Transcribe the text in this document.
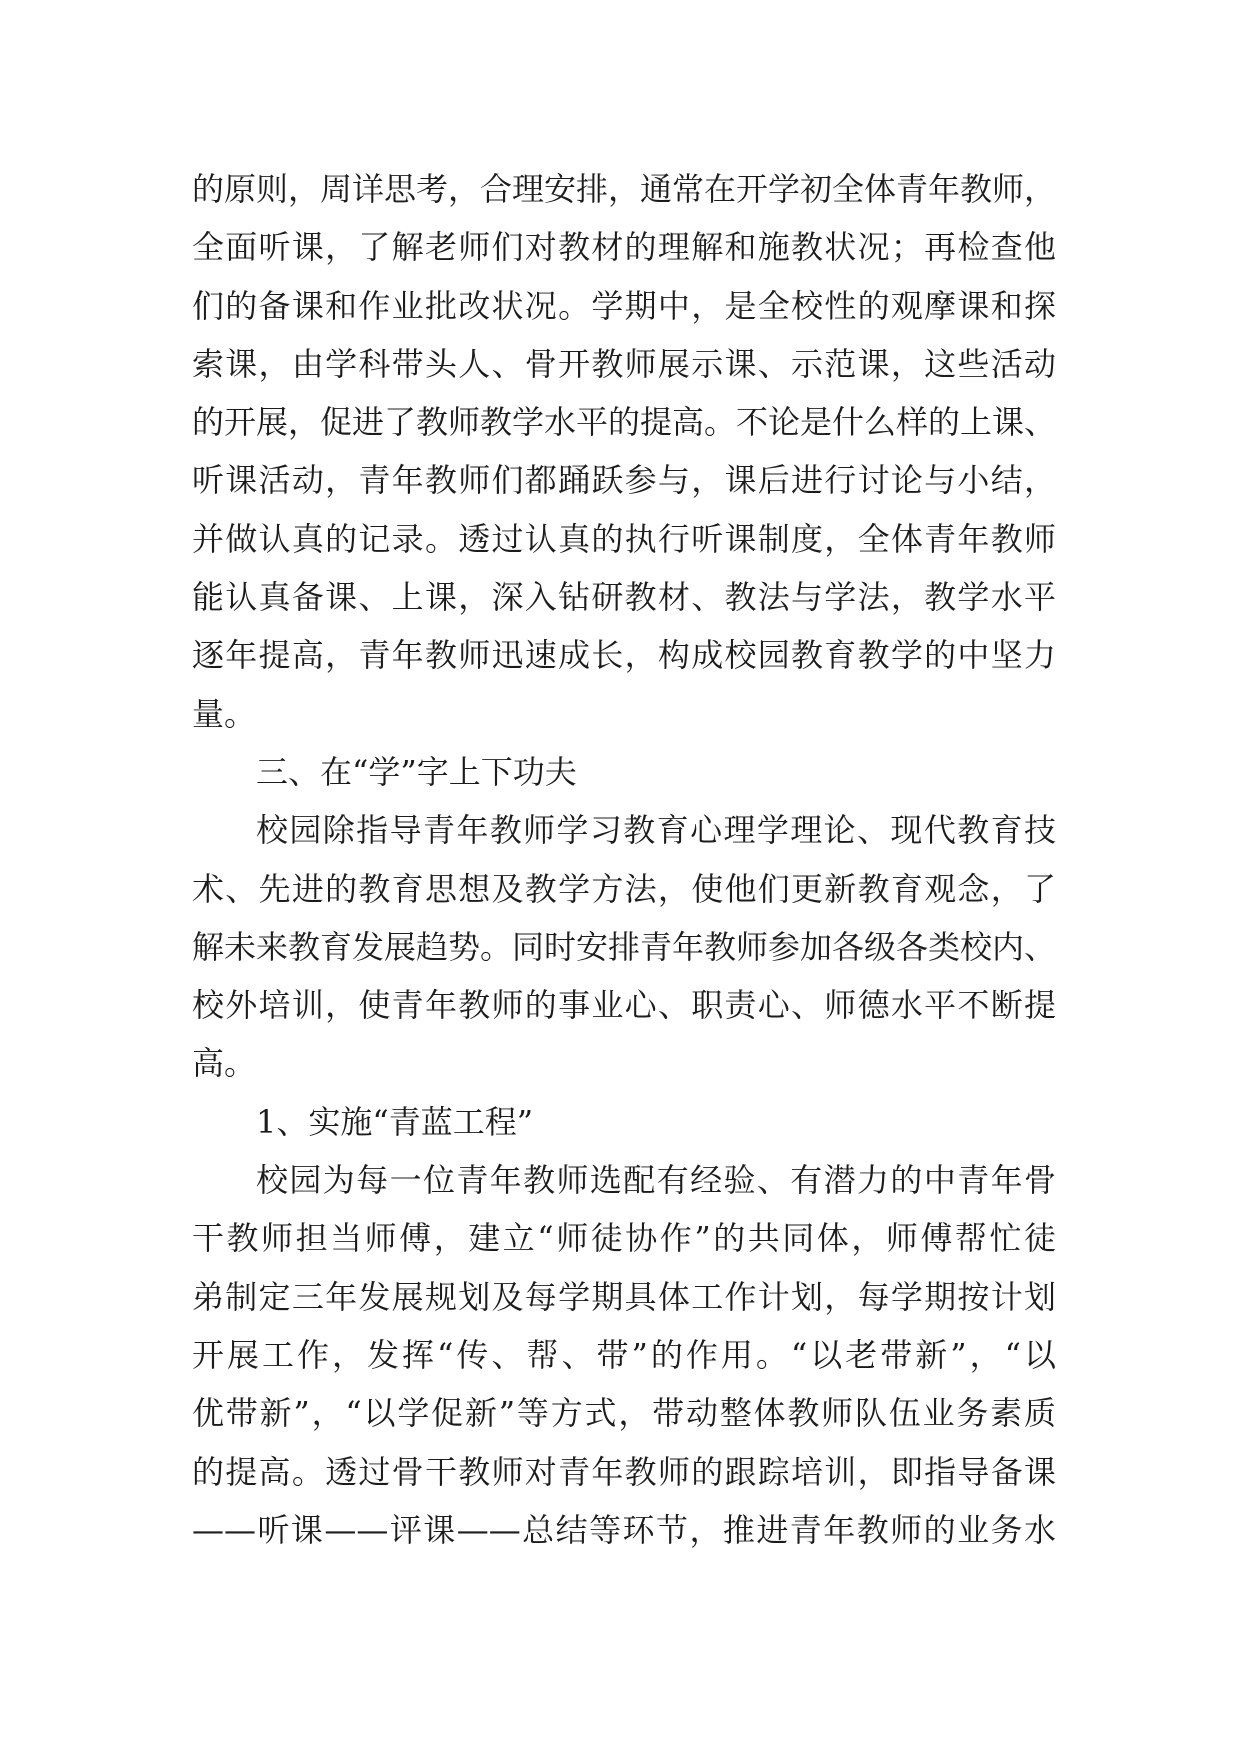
的原则，周详思考，合理安排，通常在开学初全体青年教师，
全面听课，了解老师们对教材的理解和施教状况；再检查他
们的备课和作业批改状况。学期中，是全校性的观摩课和探
索课，由学科带头人、骨开教师展示课、示范课，这些活动
的开展，促进了教师教学水平的提高。不论是什么样的上课、
听课活动，青年教师们都踊跃参与，课后进行讨论与小结，
并做认真的记录。透过认真的执行听课制度，全体青年教师
能认真备课、上课，深入钻研教材、教法与学法，教学水平
逐年提高，青年教师迅速成长，构成校园教育教学的中坚力
量。
三、在“学”字上下功夫
校园除指导青年教师学习教育心理学理论、现代教育技
术、先进的教育思想及教学方法，使他们更新教育观念，了
解未来教育发展趋势。同时安排青年教师参加各级各类校内、
校外培训，使青年教师的事业心、职责心、师德水平不断提
高。
1、实施“青蓝工程”
校园为每一位青年教师选配有经验、有潜力的中青年骨
干教师担当师傅，建立“师徒协作”的共同体，师傅帮忙徒
弟制定三年发展规划及每学期具体工作计划，每学期按计划
开展工作，发挥“传、帮、带”的作用。“以老带新”，“以
优带新”，“以学促新”等方式，带动整体教师队伍业务素质
的提高。透过骨干教师对青年教师的跟踪培训，即指导备课
——听课——评课——总结等环节，推进青年教师的业务水
